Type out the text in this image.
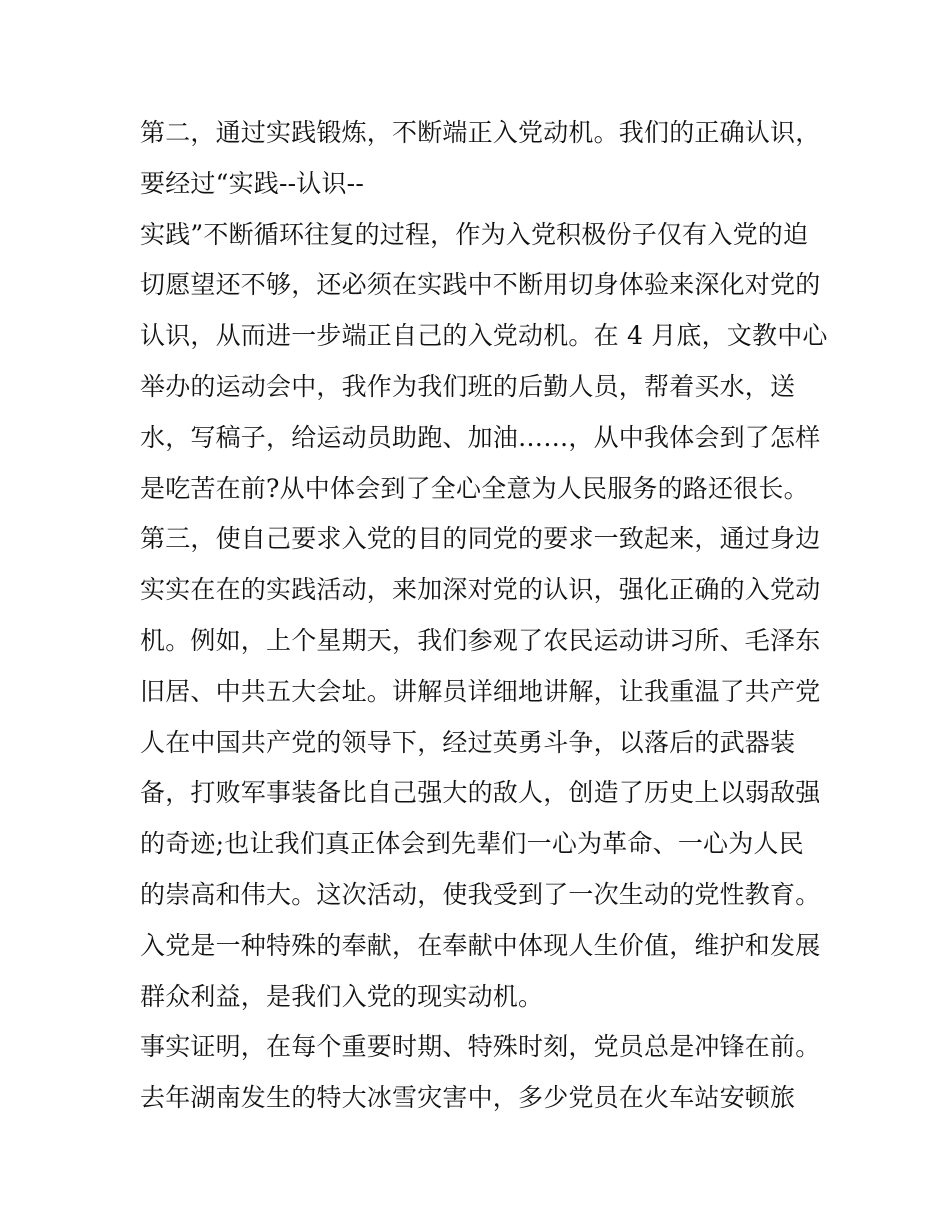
第二，通过实践锻炼，不断端正入党动机。我们的正确认识，
要经过“实践--认识--
实践”不断循环往复的过程，作为入党积极份子仅有入党的迫
切愿望还不够，还必须在实践中不断用切身体验来深化对党的
认识，从而进一步端正自己的入党动机。在 4 月底，文教中心
举办的运动会中，我作为我们班的后勤人员，帮着买水，送
水，写稿子，给运动员助跑、加油……，从中我体会到了怎样
是吃苦在前?从中体会到了全心全意为人民服务的路还很长。
第三，使自己要求入党的目的同党的要求一致起来，通过身边
实实在在的实践活动，来加深对党的认识，强化正确的入党动
机。例如，上个星期天，我们参观了农民运动讲习所、毛泽东
旧居、中共五大会址。讲解员详细地讲解，让我重温了共产党
人在中国共产党的领导下，经过英勇斗争，以落后的武器装
备，打败军事装备比自己强大的敌人，创造了历史上以弱敌强
的奇迹;也让我们真正体会到先辈们一心为革命、一心为人民
的崇高和伟大。这次活动，使我受到了一次生动的党性教育。
入党是一种特殊的奉献，在奉献中体现人生价值，维护和发展
群众利益，是我们入党的现实动机。
事实证明，在每个重要时期、特殊时刻，党员总是冲锋在前。
去年湖南发生的特大冰雪灾害中，多少党员在火车站安顿旅
